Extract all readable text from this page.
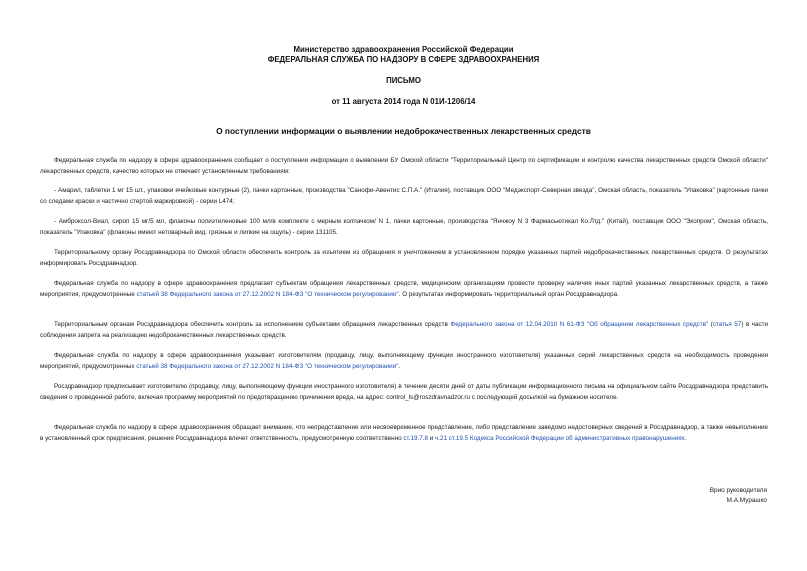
Министерство здравоохранения Российской Федерации
ФЕДЕРАЛЬНАЯ СЛУЖБА ПО НАДЗОРУ В СФЕРЕ ЗДРАВООХРАНЕНИЯ
ПИСЬМО
от 11 августа 2014 года N 01И-1206/14
О поступлении информации о выявлении недоброкачественных лекарственных средств

Федеральная служба по надзору в сфере здравоохранения сообщает о поступлении информации о выявлении БУ Омской области "Территориальный Центр по сертификации и контролю качества лекарственных средств Омской области" лекарственных средств, качество которых не отвечает установленным требованиям:

- Амарил, таблетки 1 мг 15 шт., упаковки ячейковые контурные (2), пачки картонные, производства "Санофи-Авентис С.П.А." (Италия), поставщик ООО "Медэкспорт-Северная звезда", Омская область, показатель "Упаковка" (картонные пачки со следами краски и частично стертой маркировкой) - серии L474;

- Амброксол-Виал, сироп 15 мг/5 мл, флаконы полиэтиленовые 100 мл/в комплекте с мерным колпачком/ N 1, пачки картонные, производства "Янчжоу N 3 Фармасьютикал Ко.Лтд." (Китай), поставщик ООО "Экопром", Омская область, показатель "Упаковка" (флаконы имеют нетоварный вид: грязные и липкие на ощупь) - серии 131105.

Территориальному органу Росздравнадзора по Омской области обеспечить контроль за изъятием из обращения и уничтожением в установленном порядке указанных партий недоброкачественных лекарственных средств. О результатах информировать Росздравнадзор.

Федеральная служба по надзору в сфере здравоохранения предлагает субъектам обращения лекарственных средств, медицинским организациям провести проверку наличия иных партий указанных лекарственных средств, а также мероприятия, предусмотренные статьей 38 Федерального закона от 27.12.2002 N 184-ФЗ "О техническом регулировании". О результатах информировать территориальный орган Росздравнадзора.

Территориальным органам Росздравнадзора обеспечить контроль за исполнением субъектами обращения лекарственных средств Федерального закона от 12.04.2010 N 61-ФЗ "Об обращении лекарственных средств" (статья 57) в части соблюдения запрета на реализацию недоброкачественных лекарственных средств.

Федеральная служба по надзору в сфере здравоохранения указывает изготовителям (продавцу, лицу, выполняющему функции иностранного изготовителя) указанных серий лекарственных средств на необходимость проведения мероприятий, предусмотренных статьей 38 Федерального закона от 27.12.2002 N 184-ФЗ "О техническом регулировании".

Росздравнадзор предписывает изготовителю (продавцу, лицу, выполняющему функции иностранного изготовителя) в течение десяти дней от даты публикации информационного письма на официальном сайте Росздравнадзора представить сведения о проведенной работе, включая программу мероприятий по предотвращению причинения вреда, на адрес: control_ls@roszdravnadzor.ru с последующей досылкой на бумажном носителе.

Федеральная служба по надзору в сфере здравоохранения обращает внимание, что непредставление или несвоевременное представление, либо представление заведомо недостоверных сведений в Росздравнадзор, а также невыполнение в установленный срок предписания, решения Росздравнадзора влечет ответственность, предусмотренную соответственно ст.19.7.8 и ч.21 ст.19.5 Кодекса Российской Федерации об административных правонарушениях.

Врио руководителя
М.А.Мурашко
